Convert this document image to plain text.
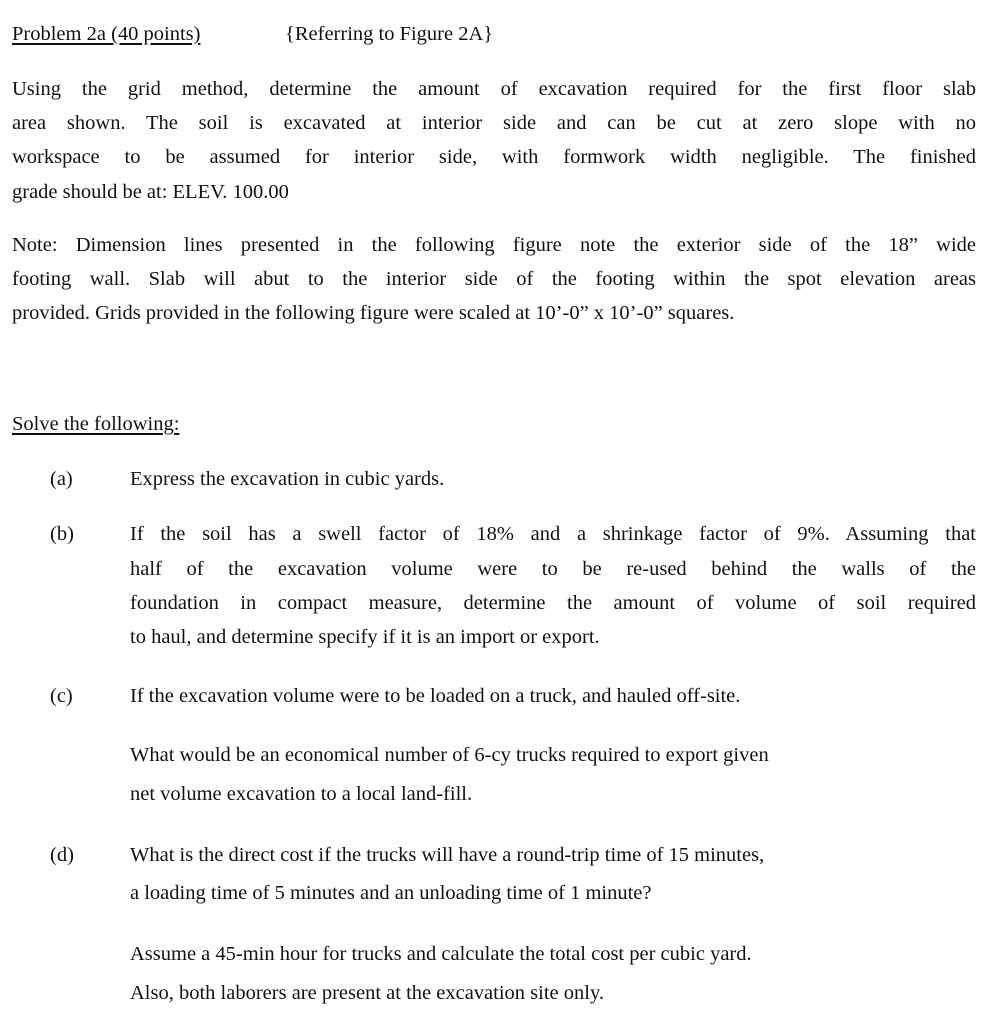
Problem 2a (40 points)	{Referring to Figure 2A}
Using the grid method, determine the amount of excavation required for the first floor slab
area shown. The soil is excavated at interior side and can be cut at zero slope with no
workspace to be assumed for interior side, with formwork width negligible. The finished
grade should be at: ELEV. 100.00
Note: Dimension lines presented in the following figure note the exterior side of the 18” wide
footing wall. Slab will abut to the interior side of the footing within the spot elevation areas
provided. Grids provided in the following figure were scaled at 10’-0” x 10’-0” squares.
Solve the following:
(a)	Express the excavation in cubic yards.
(b)	If the soil has a swell factor of 18% and a shrinkage factor of 9%. Assuming that
half of the excavation volume were to be re-used behind the walls of the
foundation in compact measure, determine the amount of volume of soil required
to haul, and determine specify if it is an import or export.
(c)	If the excavation volume were to be loaded on a truck, and hauled off-site.
What would be an economical number of 6-cy trucks required to export given
net volume excavation to a local land-fill.
(d)	What is the direct cost if the trucks will have a round-trip time of 15 minutes,
a loading time of 5 minutes and an unloading time of 1 minute?
Assume a 45-min hour for trucks and calculate the total cost per cubic yard.
Also, both laborers are present at the excavation site only.
